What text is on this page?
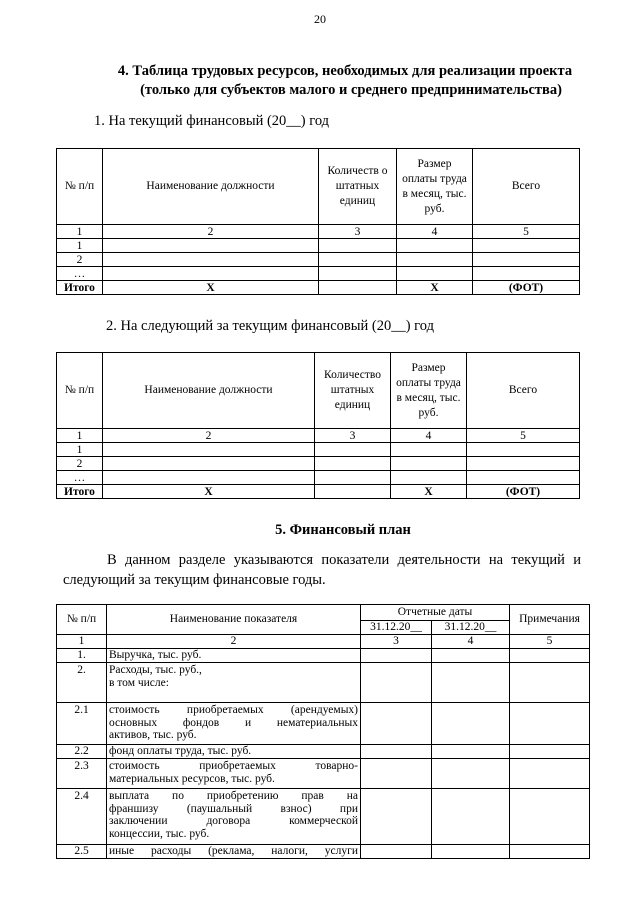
20
4. Таблица трудовых ресурсов, необходимых для реализации проекта
(только для субъектов малого и среднего предпринимательства)
1. На текущий финансовый (20__) год
№ п/п	Наименование должности	Количеств о штатных единиц	Размер оплаты труда в месяц, тыс. руб.	Всего
1	2	3	4	5
1				
2				
…				
Итого	X		X	(ФОТ)
2. На следующий за текущим финансовый (20__) год
№ п/п	Наименование должности	Количество штатных единиц	Размер оплаты труда в месяц, тыс. руб.	Всего
1	2	3	4	5
1				
2				
…				
Итого	X		X	(ФОТ)
5. Финансовый план
В данном разделе указываются показатели деятельности на текущий и
следующий за текущим финансовые годы.
№ п/п	Наименование показателя	Отчетные даты		Примечания
		31.12.20__	31.12.20__	
1	2	3	4	5
1.	Выручка, тыс. руб.			

2.	Расходы, тыс. руб.,
в том числе:			

2.1	стоимость приобретаемых (арендуемых)
основных фондов и нематериальных
активов, тыс. руб.			

2.2	фонд оплаты труда, тыс. руб.			

2.3	стоимость приобретаемых товарно-
материальных ресурсов, тыс. руб.			

2.4	выплата по приобретению прав на
франшизу (паушальный взнос) при
заключении договора коммерческой
концессии, тыс. руб.			

2.5	иные расходы (реклама, налоги, услуги			
